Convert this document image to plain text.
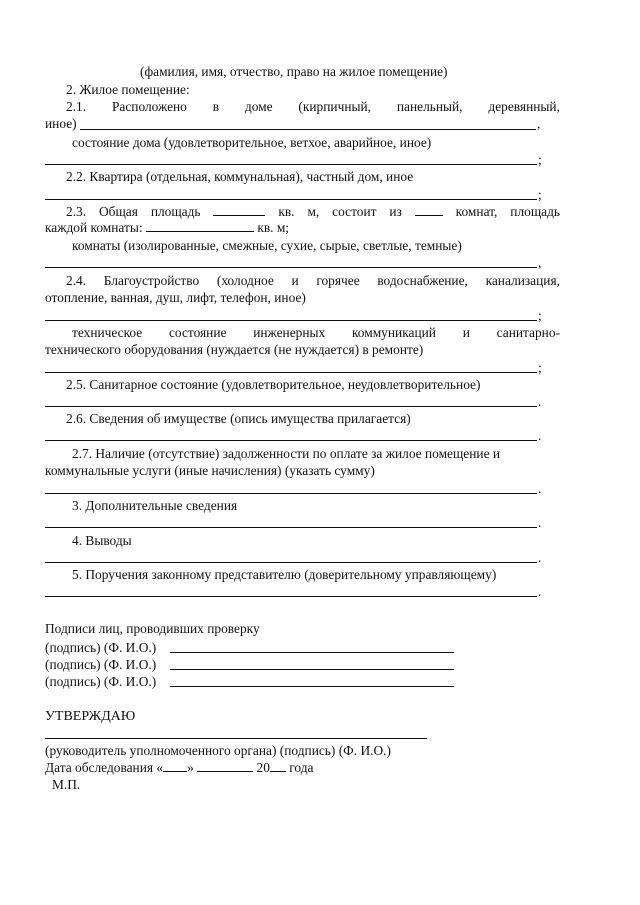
(фамилия, имя, отчество, право на жилое помещение)
2. Жилое помещение:
2.1. Расположено в доме (кирпичный, панельный, деревянный,
иное)	,
состояние дома (удовлетворительное, ветхое, аварийное, иное)
;
2.2. Квартира (отдельная, коммунальная), частный дом, иное
;
2.3. Общая площадь	кв. м, состоит из	комнат, площадь
каждой комнаты:	кв. м;
комнаты (изолированные, смежные, сухие, сырые, светлые, темные)
,
2.4. Благоустройство (холодное и горячее водоснабжение, канализация,
отопление, ванная, душ, лифт, телефон, иное)
;
техническое состояние инженерных коммуникаций и санитарно-
технического оборудования (нуждается (не нуждается) в ремонте)
;
2.5. Санитарное состояние (удовлетворительное, неудовлетворительное)
.
2.6. Сведения об имуществе (опись имущества прилагается)
.
2.7. Наличие (отсутствие) задолженности по оплате за жилое помещение и
коммунальные услуги (иные начисления) (указать сумму)
.
3. Дополнительные сведения
.
4. Выводы
.
5. Поручения законному представителю (доверительному управляющему)
.
Подписи лиц, проводивших проверку
(подпись) (Ф. И.О.)
(подпись) (Ф. И.О.)
(подпись) (Ф. И.О.)
УТВЕРЖДАЮ
(руководитель уполномоченного органа) (подпись) (Ф. И.О.)
Дата обследования « »	20 года
М.П.
